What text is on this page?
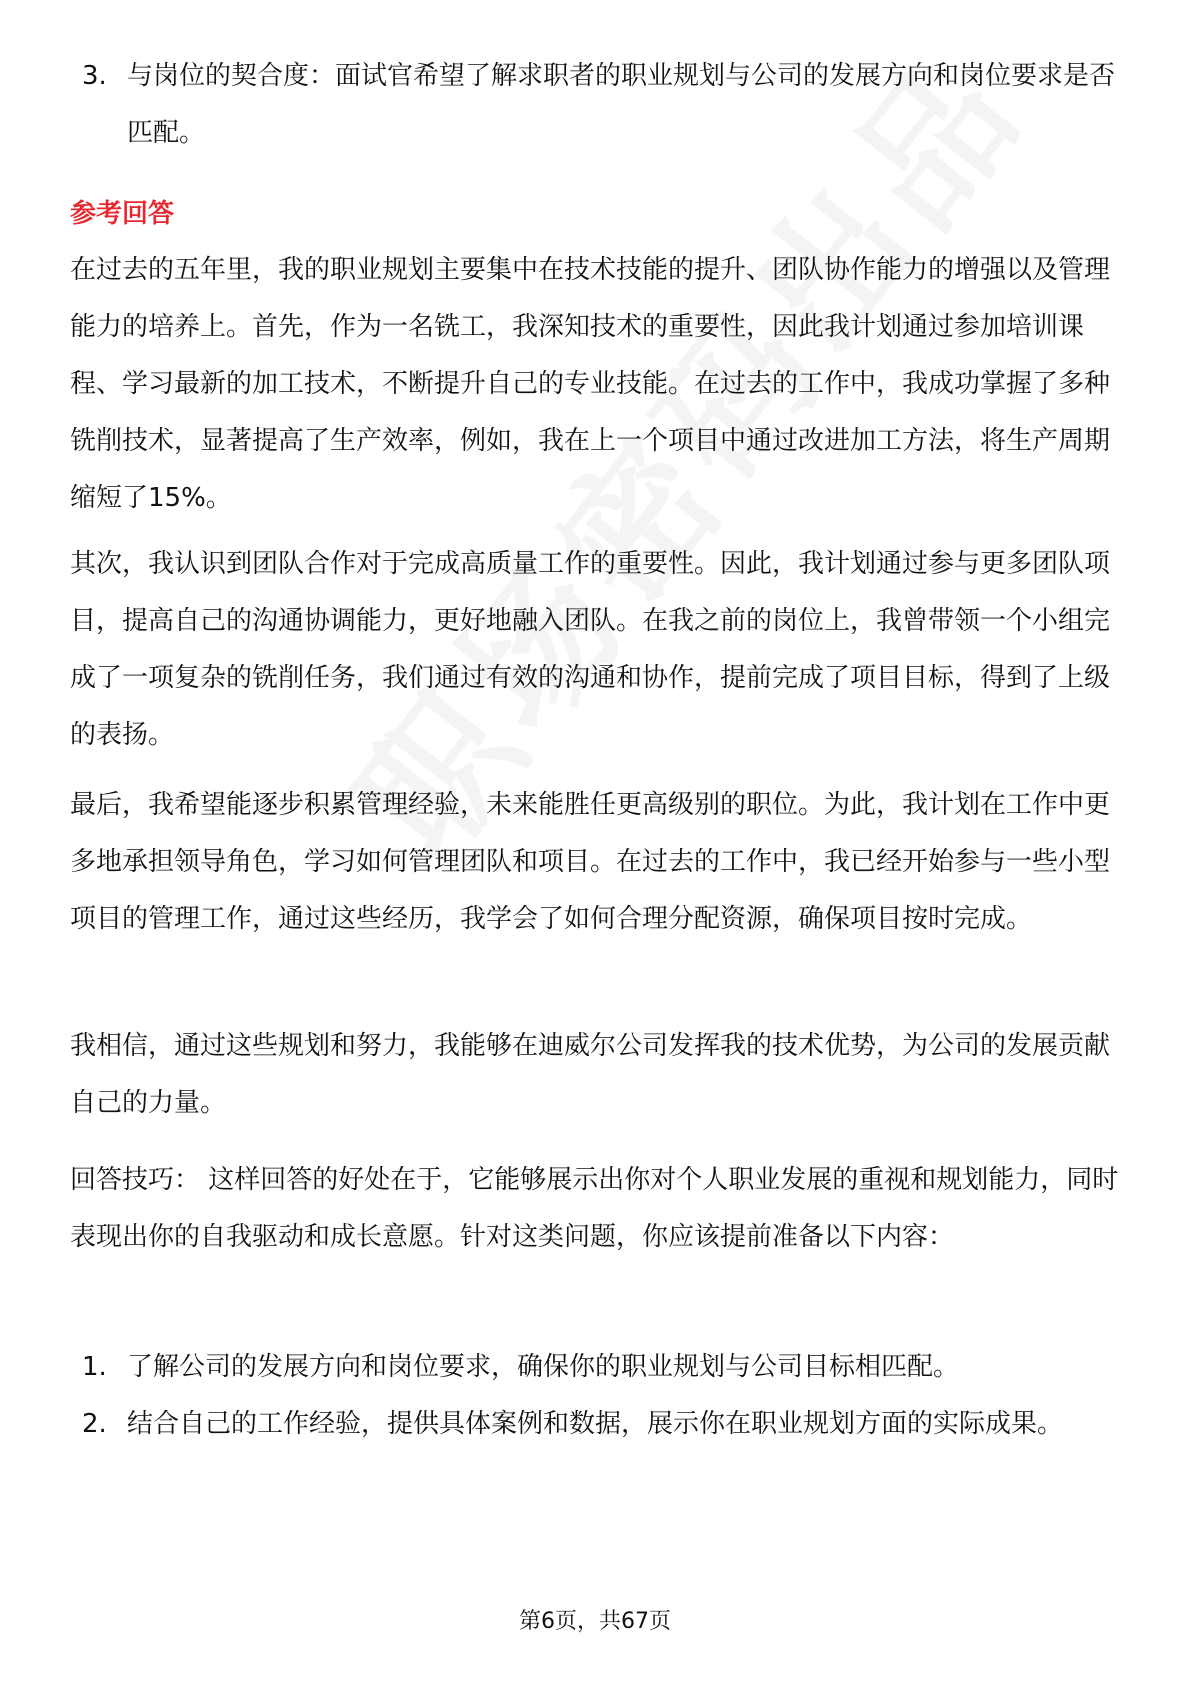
3. 与岗位的契合度：面试官希望了解求职者的职业规划与公司的发展方向和岗位要求是否匹配。
参考回答

在过去的五年里，我的职业规划主要集中在技术技能的提升、团队协作能力的增强以及管理能力的培养上。首先，作为一名铣工，我深知技术的重要性，因此我计划通过参加培训课程、学习最新的加工技术，不断提升自己的专业技能。在过去的工作中，我成功掌握了多种铣削技术，显著提高了生产效率，例如，我在上一个项目中通过改进加工方法，将生产周期缩短了15%。

其次，我认识到团队合作对于完成高质量工作的重要性。因此，我计划通过参与更多团队项目，提高自己的沟通协调能力，更好地融入团队。在我之前的岗位上，我曾带领一个小组完成了一项复杂的铣削任务，我们通过有效的沟通和协作，提前完成了项目目标，得到了上级的表扬。

最后，我希望能逐步积累管理经验，未来能胜任更高级别的职位。为此，我计划在工作中更多地承担领导角色，学习如何管理团队和项目。在过去的工作中，我已经开始参与一些小型项目的管理工作，通过这些经历，我学会了如何合理分配资源，确保项目按时完成。

我相信，通过这些规划和努力，我能够在迪威尔公司发挥我的技术优势，为公司的发展贡献自己的力量。

回答技巧： 这样回答的好处在于，它能够展示出你对个人职业发展的重视和规划能力，同时表现出你的自我驱动和成长意愿。针对这类问题，你应该提前准备以下内容：

1. 了解公司的发展方向和岗位要求，确保你的职业规划与公司目标相匹配。
2. 结合自己的工作经验，提供具体案例和数据，展示你在职业规划方面的实际成果。
第6页，共67页
